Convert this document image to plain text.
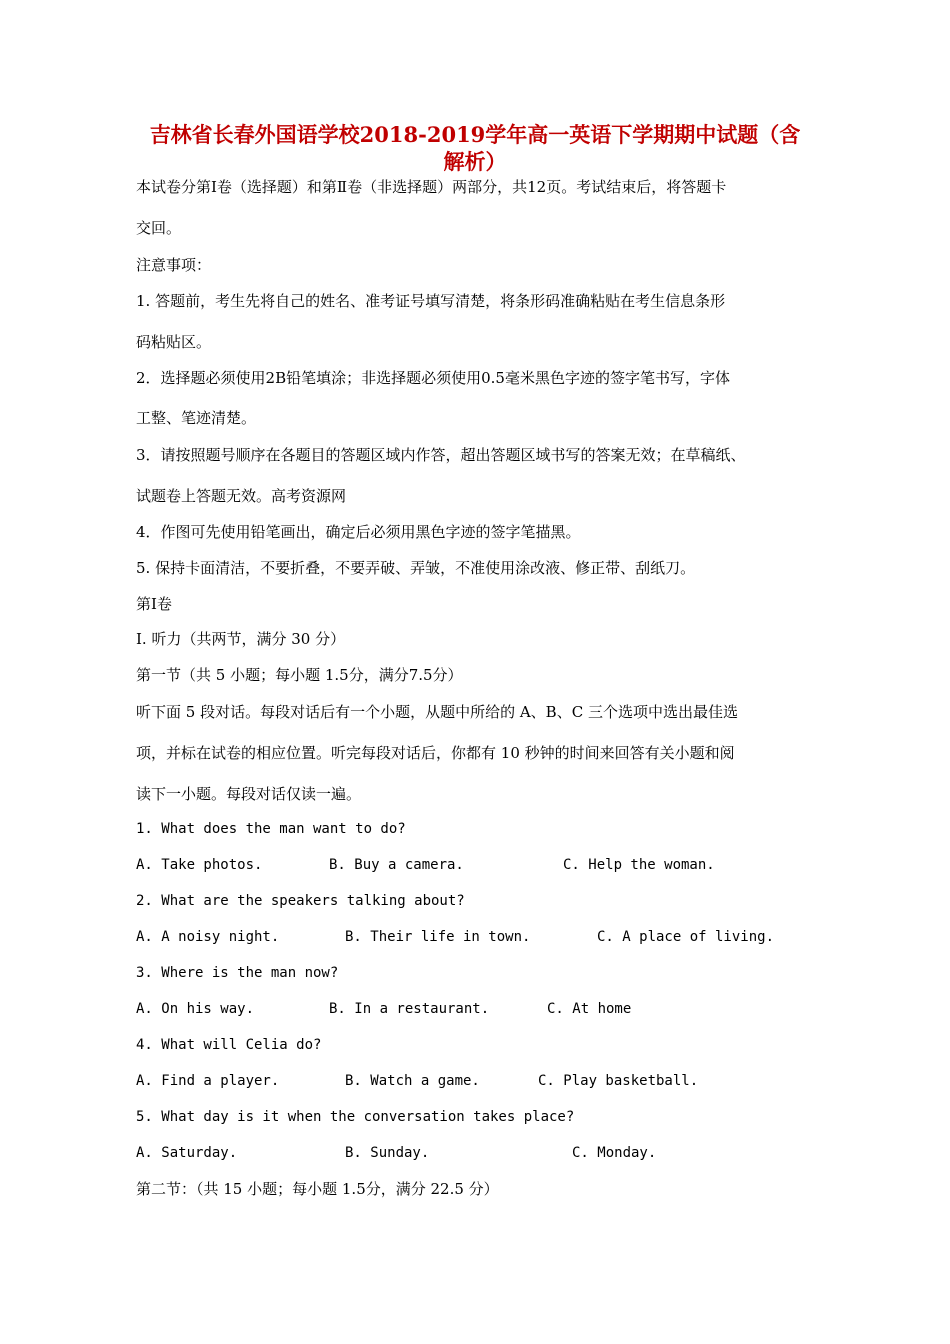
吉林省长春外国语学校2018-2019学年高一英语下学期期中试题（含
解析）

本试卷分第Ⅰ卷（选择题）和第Ⅱ卷（非选择题）两部分，共12页。考试结束后，将答题卡

交回。

注意事项：

1. 答题前，考生先将自己的姓名、准考证号填写清楚，将条形码准确粘贴在考生信息条形

码粘贴区。

2．选择题必须使用2B铅笔填涂；非选择题必须使用0.5毫米黑色字迹的签字笔书写，字体

工整、笔迹清楚。

3．请按照题号顺序在各题目的答题区域内作答，超出答题区域书写的答案无效；在草稿纸、

试题卷上答题无效。高考资源网

4．作图可先使用铅笔画出，确定后必须用黑色字迹的签字笔描黑。

5. 保持卡面清洁，不要折叠，不要弄破、弄皱，不准使用涂改液、修正带、刮纸刀。

第Ⅰ卷

I. 听力（共两节，满分 30 分）

第一节（共 5 小题；每小题 1.5分，满分7.5分）

听下面 5 段对话。每段对话后有一个小题，从题中所给的 A、B、C 三个选项中选出最佳选

项，并标在试卷的相应位置。听完每段对话后，你都有 10 秒钟的时间来回答有关小题和阅

读下一小题。每段对话仅读一遍。

1. What does the man want to do?

A. Take photos.	B. Buy a camera.	C. Help the woman.

2. What are the speakers talking about?

A. A noisy night.	B. Their life in town.	C. A place of living.

3. Where is the man now?

A. On his way.	B. In a restaurant.	C. At home

4. What will Celia do?

A. Find a player.	B. Watch a game.	C. Play basketball.

5. What day is it when the conversation takes place?

A. Saturday.	B. Sunday.	C. Monday.

第二节：（共 15 小题；每小题 1.5分，满分 22.5 分）
